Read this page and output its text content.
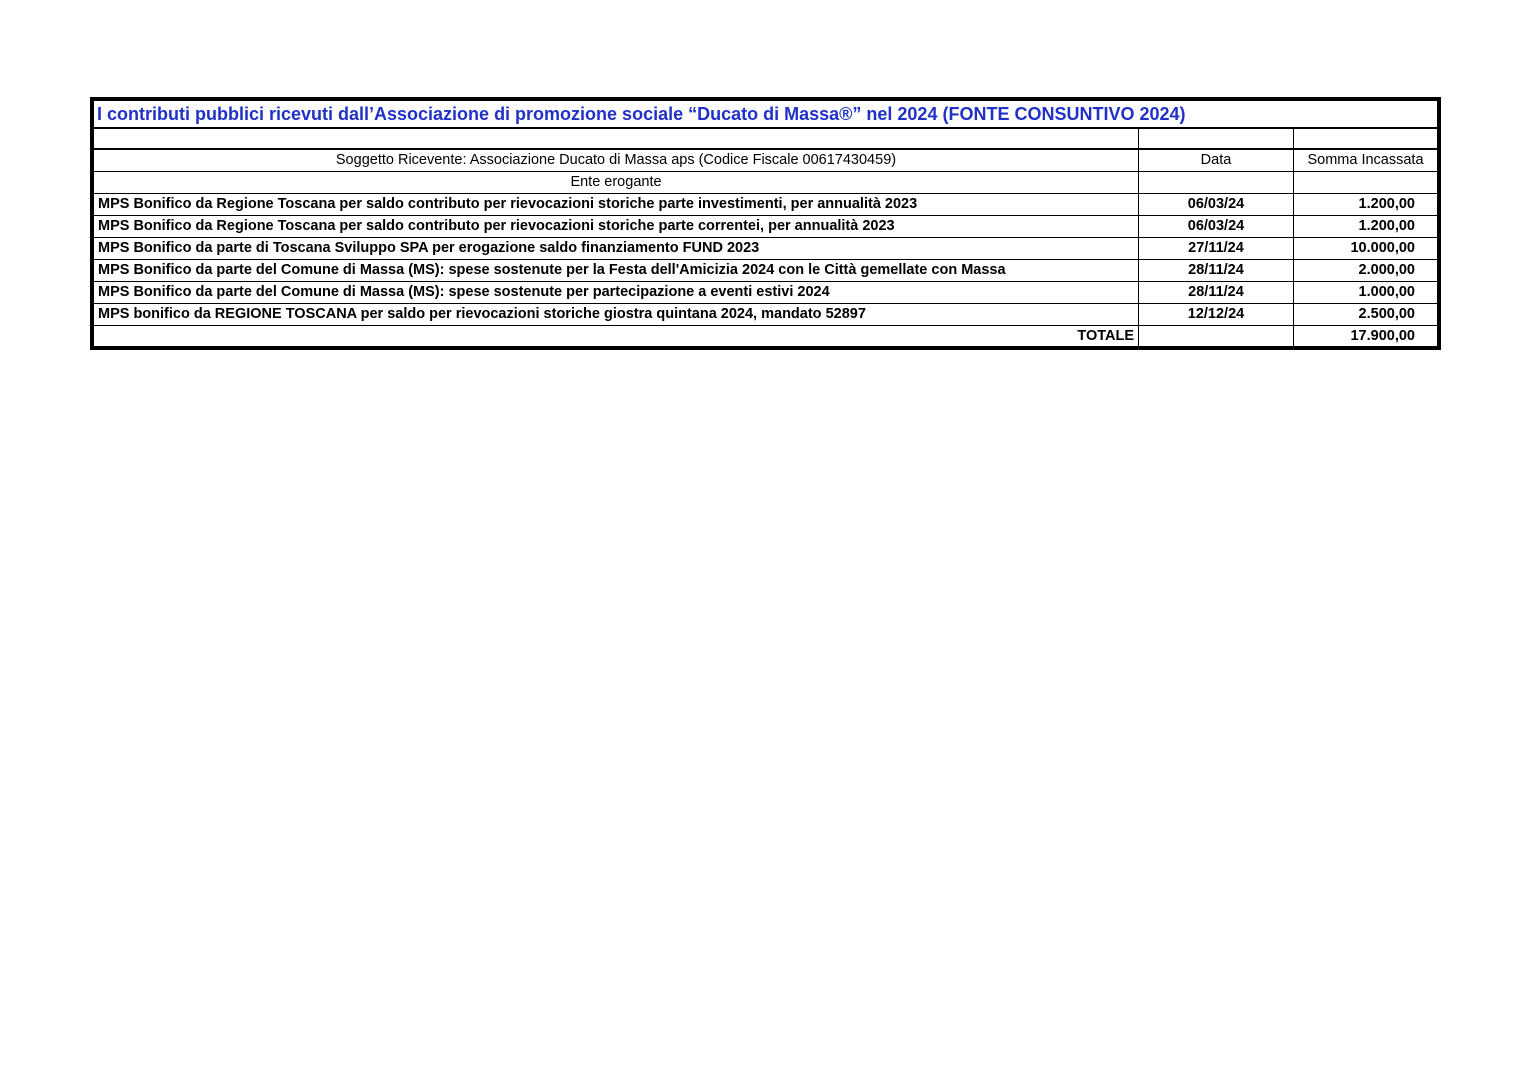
I contributi pubblici ricevuti dall’Associazione di promozione sociale “Ducato di Massa®” nel 2024 (FONTE CONSUNTIVO 2024)		

Soggetto Ricevente: Associazione Ducato di Massa aps (Codice Fiscale 00617430459)	Data	Somma Incassata
Ente erogante		
MPS Bonifico da Regione Toscana per saldo contributo per rievocazioni storiche parte investimenti, per annualità 2023	06/03/24	1.200,00
MPS Bonifico da Regione Toscana per saldo contributo per rievocazioni storiche parte correntei, per annualità 2023	06/03/24	1.200,00
MPS Bonifico da parte di Toscana Sviluppo SPA per erogazione saldo finanziamento FUND 2023	27/11/24	10.000,00
MPS Bonifico da parte del Comune di Massa (MS): spese sostenute per la Festa dell'Amicizia 2024 con le Città gemellate con Massa	28/11/24	2.000,00
MPS Bonifico da parte del Comune di Massa (MS): spese sostenute per partecipazione a eventi estivi 2024	28/11/24	1.000,00
MPS bonifico da REGIONE TOSCANA per saldo per rievocazioni storiche giostra quintana 2024, mandato 52897	12/12/24	2.500,00
TOTALE		17.900,00
